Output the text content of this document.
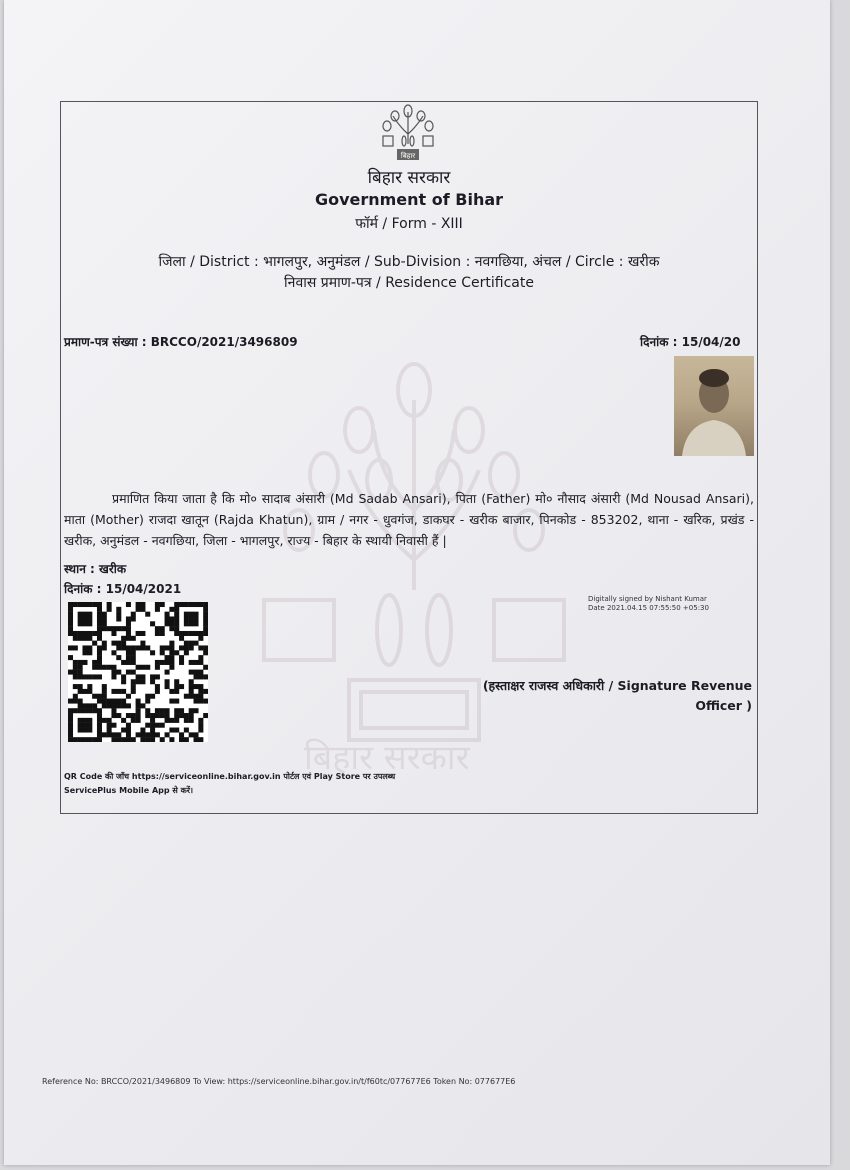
बिहार सरकार
बिहार
बिहार सरकार
Government of Bihar
फॉर्म / Form - XIII
जिला / District : भागलपुर, अनुमंडल / Sub-Division : नवगछिया, अंचल / Circle : खरीक
निवास प्रमाण-पत्र / Residence Certificate
प्रमाण-पत्र संख्या : BRCCO/2021/3496809	दिनांक : 15/04/20
प्रमाणित किया जाता है कि मो० सादाब अंसारी (Md Sadab Ansari), पिता (Father) मो० नौसाद अंसारी (Md Nousad Ansari), माता (Mother) राजदा खातून (Rajda Khatun), ग्राम / नगर - धुवगंज, डाकघर - खरीक बाजार, पिनकोड - 853202, थाना - खरिक, प्रखंड - खरीक, अनुमंडल - नवगछिया, जिला - भागलपुर, राज्य - बिहार के स्थायी निवासी हैं |
स्थान : खरीक
दिनांक : 15/04/2021
Digitally signed by Nishant Kumar
Date 2021.04.15 07:55:50 +05:30
(हस्ताक्षर राजस्व अधिकारी / Signature Revenue Officer )
QR Code की जाँच https://serviceonline.bihar.gov.in पोर्टल एवं Play Store पर उपलब्ध
ServicePlus Mobile App से करें।
Reference No: BRCCO/2021/3496809 To View: https://serviceonline.bihar.gov.in/t/f60tc/077677E6 Token No: 077677E6
